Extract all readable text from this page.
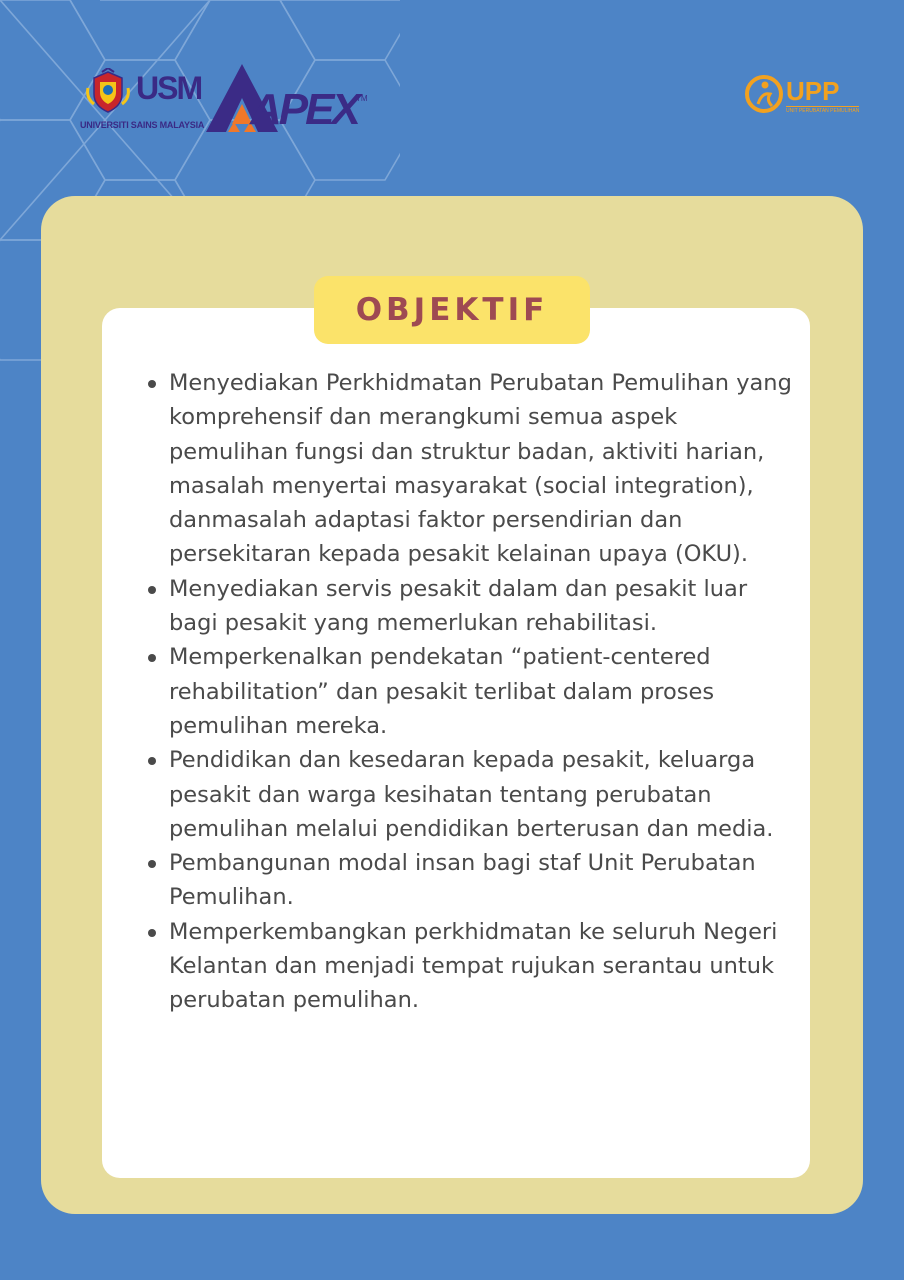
USM
UNIVERSITI SAINS MALAYSIA APEX
TM	UPP
UNIT PERUBATAN PEMULIHAN
OBJEKTIF
Menyediakan Perkhidmatan Perubatan Pemulihan yang komprehensif dan merangkumi semua aspek pemulihan fungsi dan struktur badan, aktiviti harian, masalah menyertai masyarakat (social integration), danmasalah adaptasi faktor persendirian dan persekitaran kepada pesakit kelainan upaya (OKU).
Menyediakan servis pesakit dalam dan pesakit luar bagi pesakit yang memerlukan rehabilitasi.
Memperkenalkan pendekatan “patient-centered rehabilitation” dan pesakit terlibat dalam proses pemulihan mereka.
Pendidikan dan kesedaran kepada pesakit, keluarga pesakit dan warga kesihatan tentang perubatan pemulihan melalui pendidikan berterusan dan media.
Pembangunan modal insan bagi staf Unit Perubatan Pemulihan.
Memperkembangkan perkhidmatan ke seluruh Negeri Kelantan dan menjadi tempat rujukan serantau untuk perubatan pemulihan.
